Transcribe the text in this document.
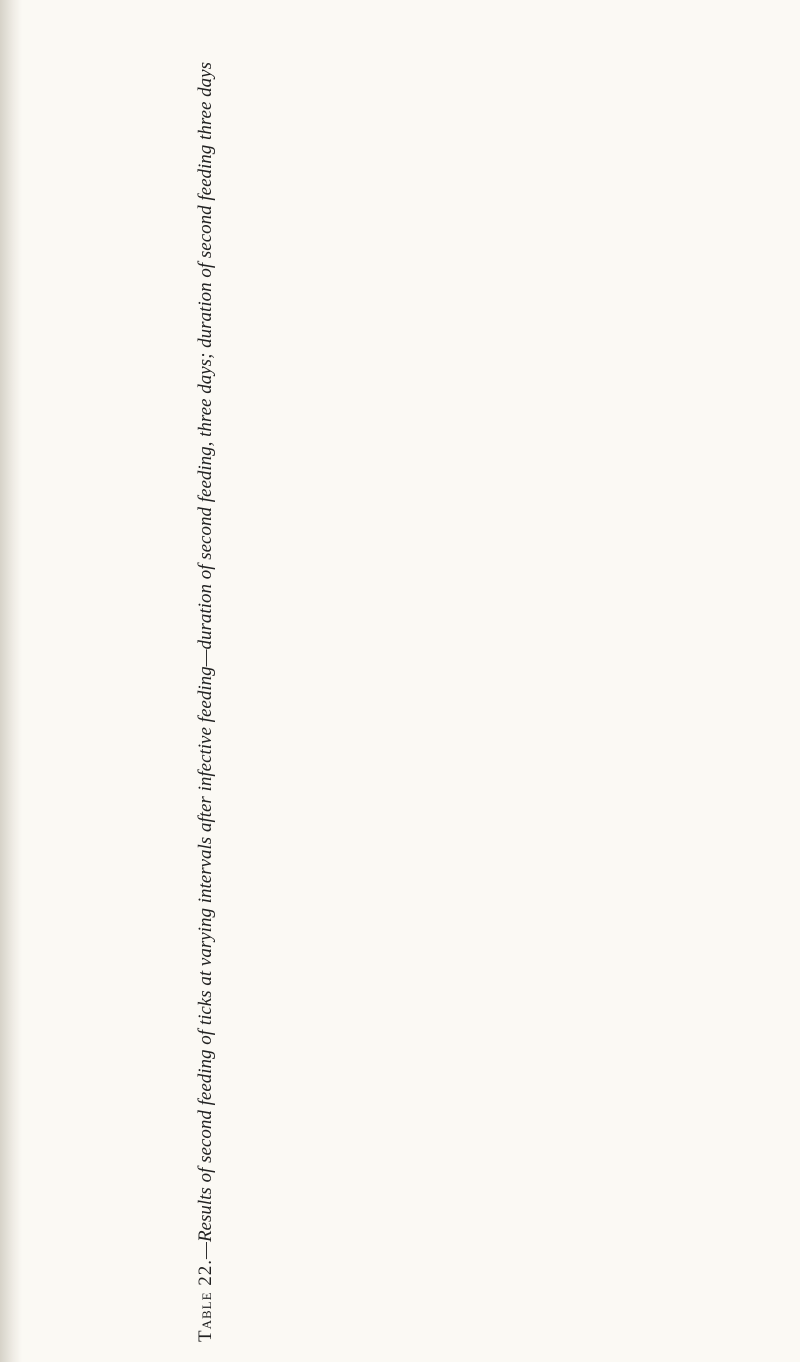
Table 22.—Results of second feeding of ticks at varying intervals after infective feeding—duration of second feeding, three days; duration of second feeding three days
